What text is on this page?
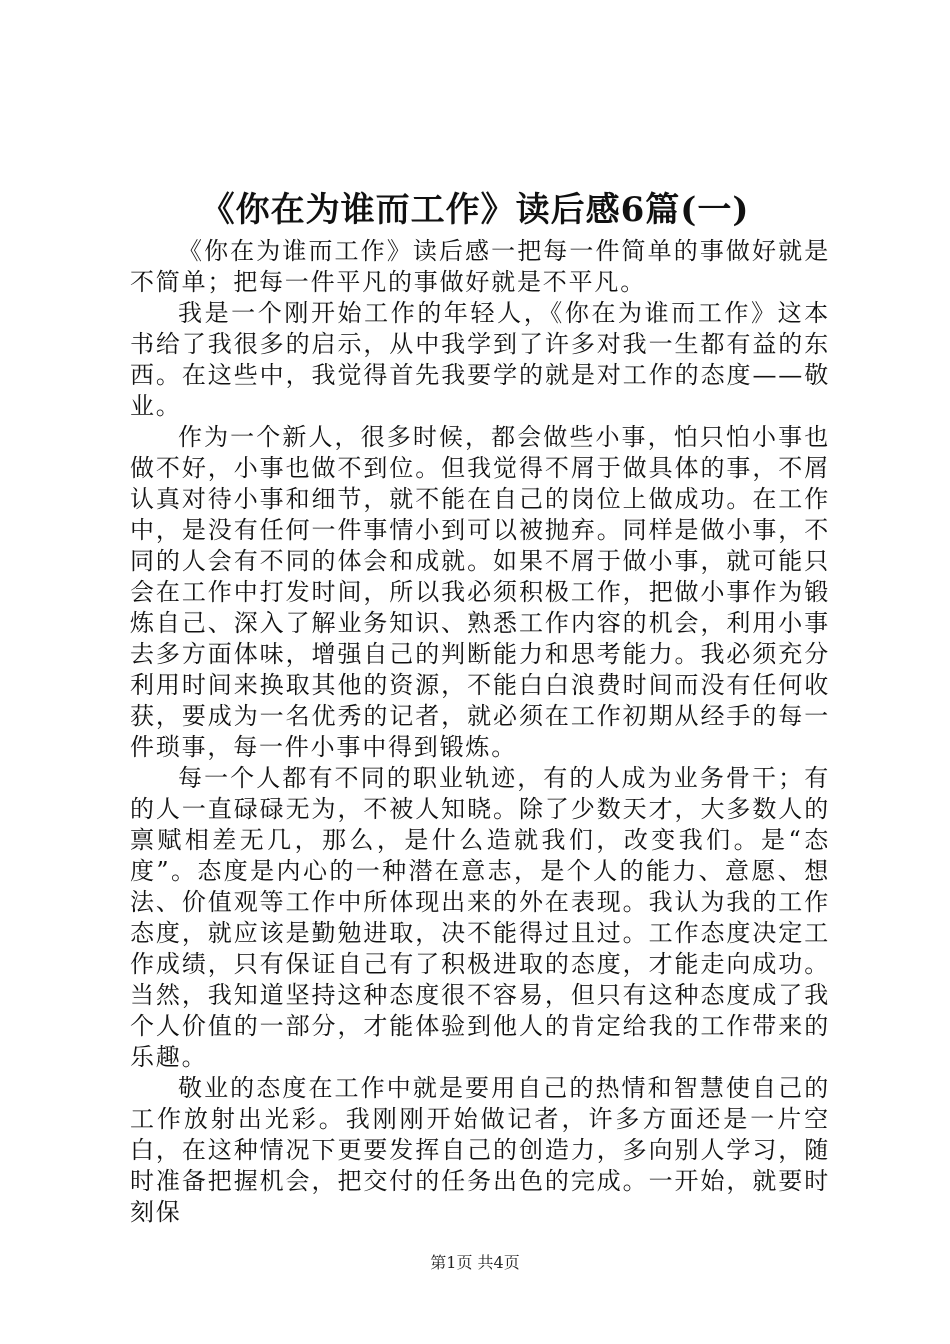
《你在为谁而工作》读后感6篇(一)

《你在为谁而工作》读后感一把每一件简单的事做好就是不简单；把每一件平凡的事做好就是不平凡。

我是一个刚开始工作的年轻人，《你在为谁而工作》这本书给了我很多的启示，从中我学到了许多对我一生都有益的东西。在这些中，我觉得首先我要学的就是对工作的态度——敬业。

作为一个新人，很多时候，都会做些小事，怕只怕小事也做不好，小事也做不到位。但我觉得不屑于做具体的事，不屑认真对待小事和细节，就不能在自己的岗位上做成功。在工作中，是没有任何一件事情小到可以被抛弃。同样是做小事，不同的人会有不同的体会和成就。如果不屑于做小事，就可能只会在工作中打发时间，所以我必须积极工作，把做小事作为锻炼自己、深入了解业务知识、熟悉工作内容的机会，利用小事去多方面体味，增强自己的判断能力和思考能力。我必须充分利用时间来换取其他的资源，不能白白浪费时间而没有任何收获，要成为一名优秀的记者，就必须在工作初期从经手的每一件琐事，每一件小事中得到锻炼。

每一个人都有不同的职业轨迹，有的人成为业务骨干；有的人一直碌碌无为，不被人知晓。除了少数天才，大多数人的禀赋相差无几，那么，是什么造就我们，改变我们。是“态度”。态度是内心的一种潜在意志，是个人的能力、意愿、想法、价值观等工作中所体现出来的外在表现。我认为我的工作态度，就应该是勤勉进取，决不能得过且过。工作态度决定工作成绩，只有保证自己有了积极进取的态度，才能走向成功。当然，我知道坚持这种态度很不容易，但只有这种态度成了我个人价值的一部分，才能体验到他人的肯定给我的工作带来的乐趣。

敬业的态度在工作中就是要用自己的热情和智慧使自己的工作放射出光彩。我刚刚开始做记者，许多方面还是一片空白，在这种情况下更要发挥自己的创造力，多向别人学习，随时准备把握机会，把交付的任务出色的完成。一开始，就要时刻保

第1页 共4页
